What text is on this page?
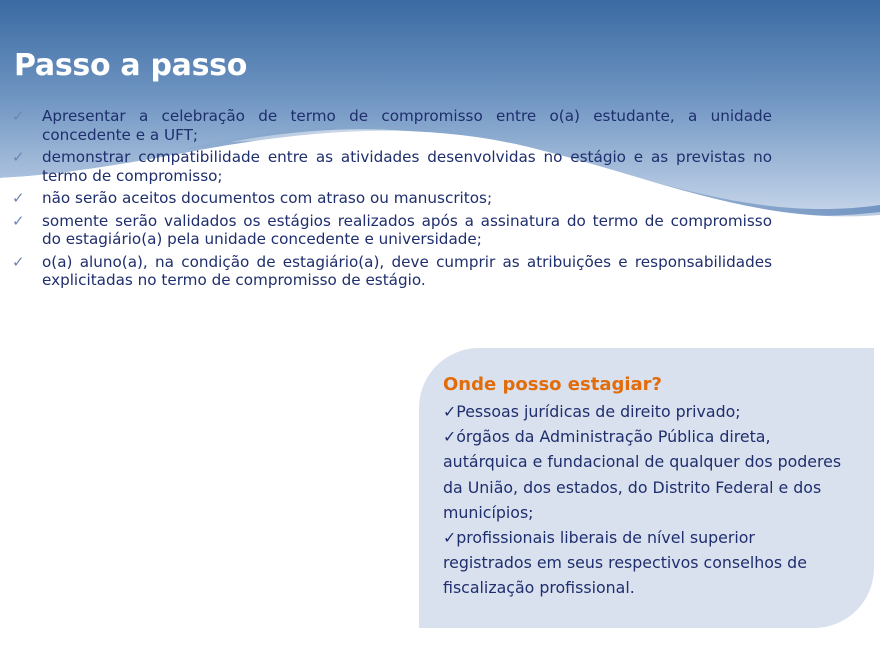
Passo a passo
✓ Apresentar a celebração de termo de compromisso entre o(a) estudante, a unidade concedente e a UFT;
✓ demonstrar compatibilidade entre as atividades desenvolvidas no estágio e as previstas no termo de compromisso;
✓ não serão aceitos documentos com atraso ou manuscritos;
✓ somente serão validados os estágios realizados após a assinatura do termo de compromisso do estagiário(a) pela unidade concedente e universidade;
✓ o(a) aluno(a), na condição de estagiário(a), deve cumprir as atribuições e responsabilidades explicitadas no termo de compromisso de estágio.
Onde posso estagiar?

✓Pessoas jurídicas de direito privado;

✓órgãos da Administração Pública direta, autárquica e fundacional de qualquer dos poderes da União, dos estados, do Distrito Federal e dos municípios;

✓profissionais liberais de nível superior registrados em seus respectivos conselhos de fiscalização profissional.
